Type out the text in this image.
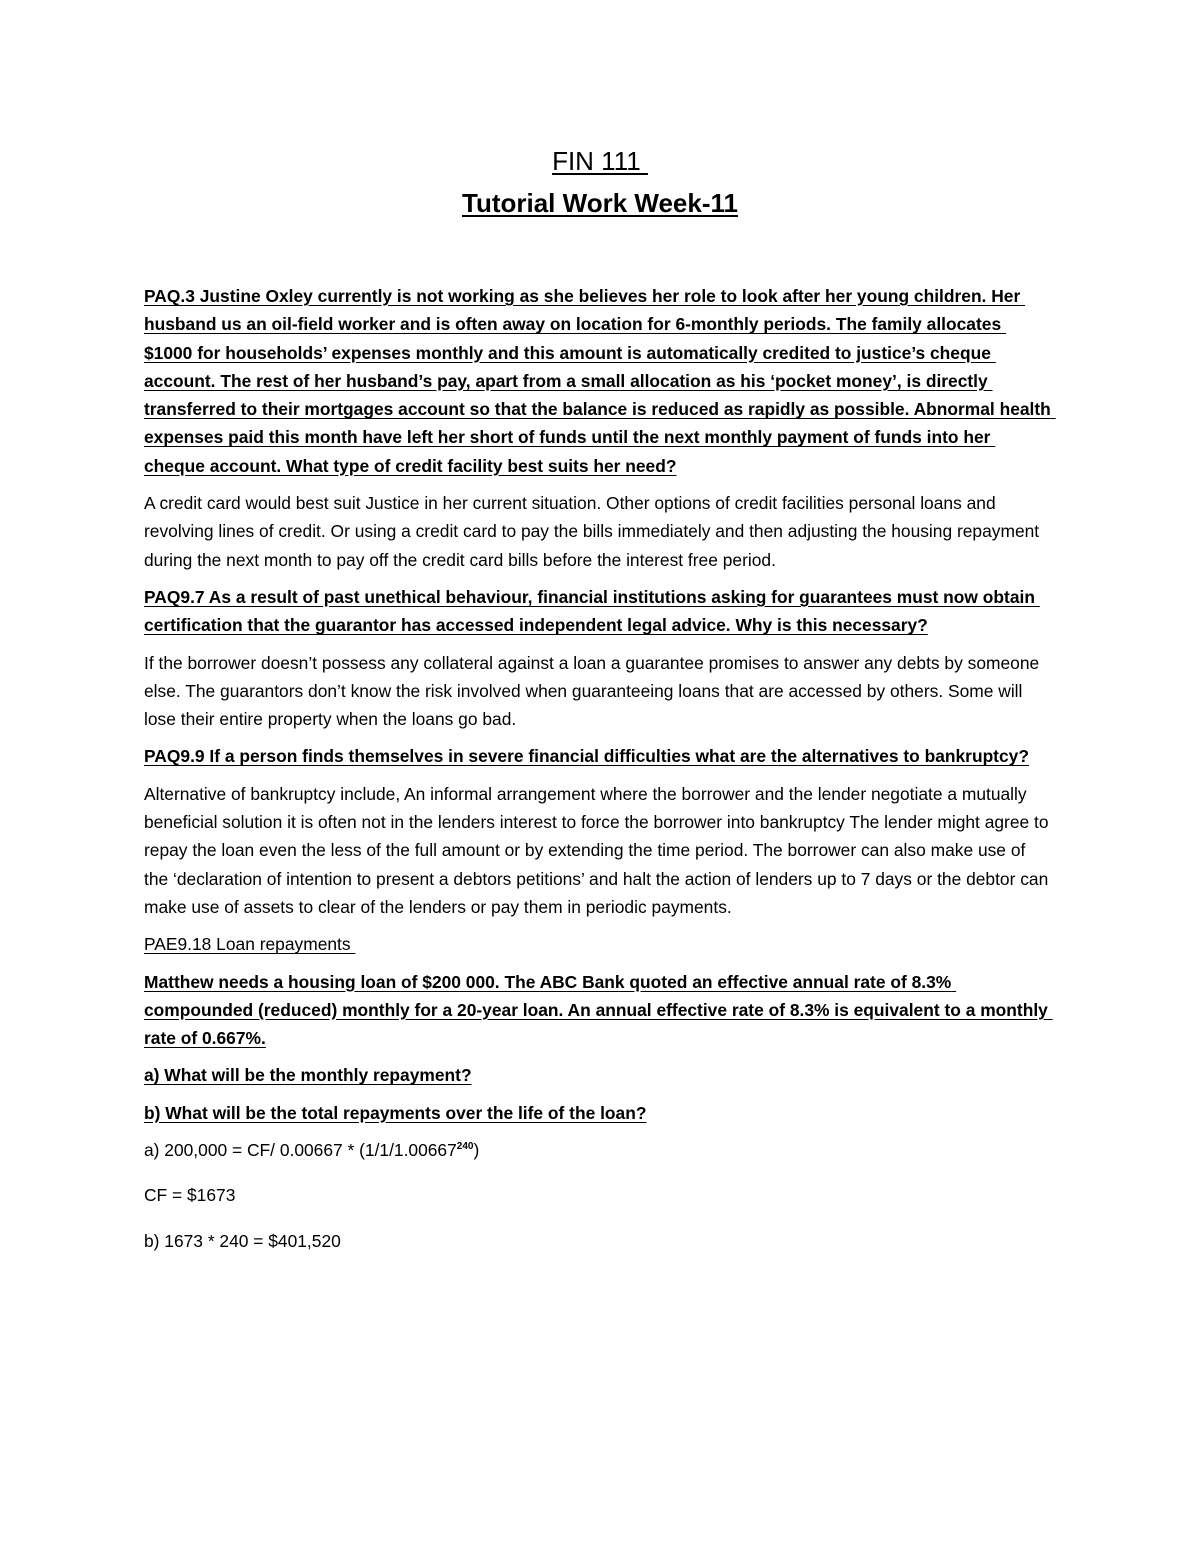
FIN 111
Tutorial Work Week-11

PAQ.3 Justine Oxley currently is not working as she believes her role to look after her young children. Her husband us an oil-field worker and is often away on location for 6-monthly periods. The family allocates $1000 for households’ expenses monthly and this amount is automatically credited to justice’s cheque account. The rest of her husband’s pay, apart from a small allocation as his ‘pocket money’, is directly transferred to their mortgages account so that the balance is reduced as rapidly as possible. Abnormal health expenses paid this month have left her short of funds until the next monthly payment of funds into her cheque account. What type of credit facility best suits her need?

A credit card would best suit Justice in her current situation. Other options of credit facilities personal loans and revolving lines of credit. Or using a credit card to pay the bills immediately and then adjusting the housing repayment during the next month to pay off the credit card bills before the interest free period.

PAQ9.7 As a result of past unethical behaviour, financial institutions asking for guarantees must now obtain certification that the guarantor has accessed independent legal advice. Why is this necessary?

If the borrower doesn’t possess any collateral against a loan a guarantee promises to answer any debts by someone else. The guarantors don’t know the risk involved when guaranteeing loans that are accessed by others. Some will lose their entire property when the loans go bad.

PAQ9.9 If a person finds themselves in severe financial difficulties what are the alternatives to bankruptcy?

Alternative of bankruptcy include, An informal arrangement where the borrower and the lender negotiate a mutually beneficial solution it is often not in the lenders interest to force the borrower into bankruptcy The lender might agree to repay the loan even the less of the full amount or by extending the time period. The borrower can also make use of the ‘declaration of intention to present a debtors petitions’ and halt the action of lenders up to 7 days or the debtor can make use of assets to clear of the lenders or pay them in periodic payments.

PAE9.18 Loan repayments

Matthew needs a housing loan of $200 000. The ABC Bank quoted an effective annual rate of 8.3% compounded (reduced) monthly for a 20-year loan. An annual effective rate of 8.3% is equivalent to a monthly rate of 0.667%.

a) What will be the monthly repayment?

b) What will be the total repayments over the life of the loan?

a) 200,000 = CF/ 0.00667 * (1/1/1.00667$^{240}$)

CF = $1673

b) 1673 * 240 = $401,520
